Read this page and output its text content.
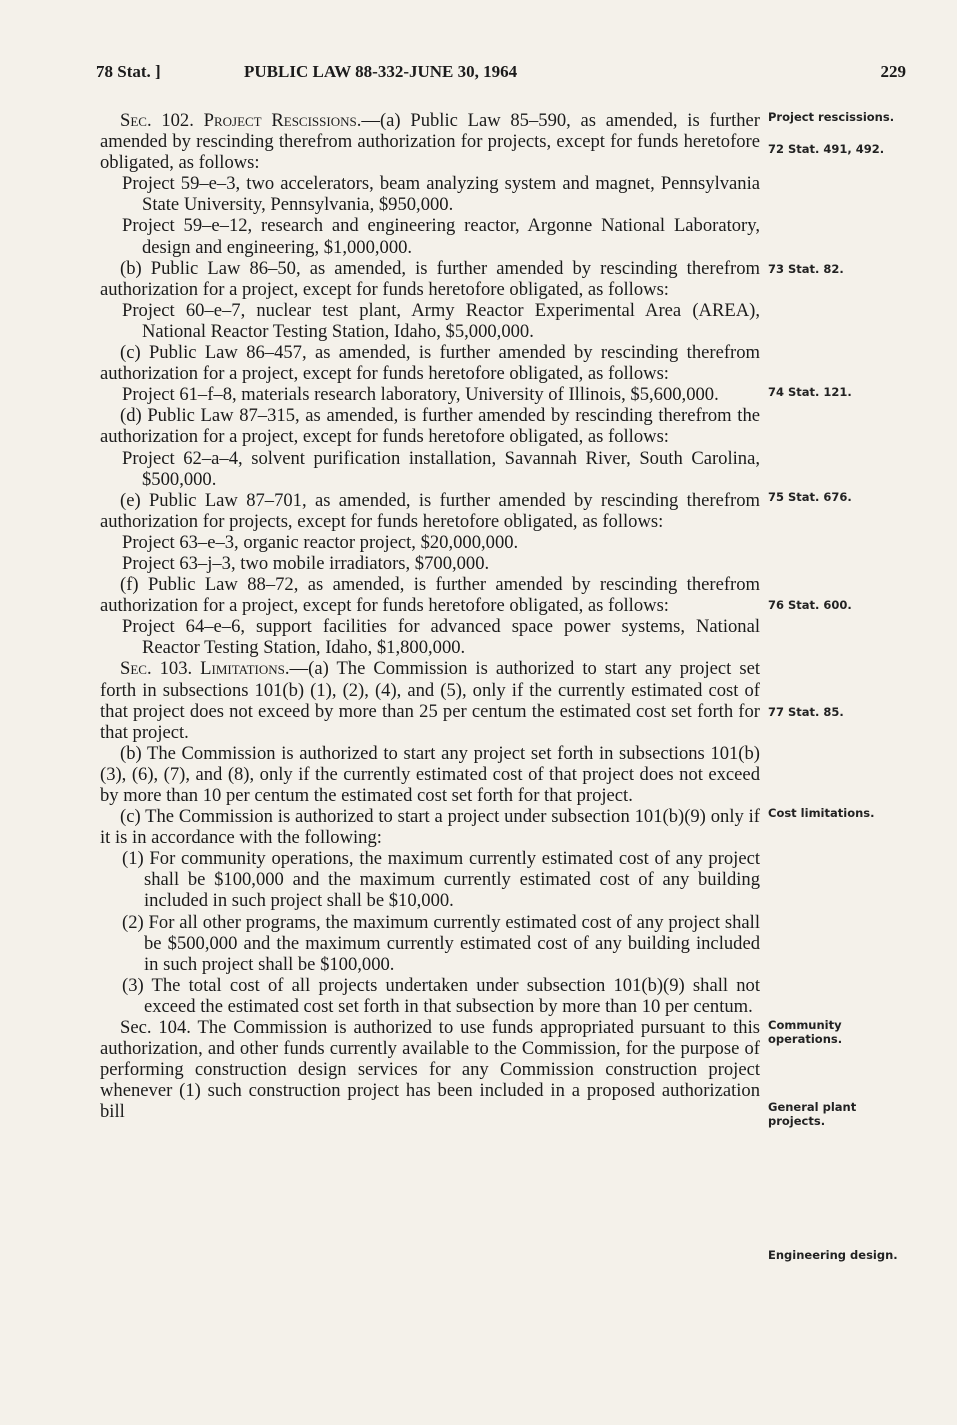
78 Stat. ]	PUBLIC LAW 88-332-JUNE 30, 1964	229

Sec. 102. Project Rescissions.—(a) Public Law 85–590, as amended, is further amended by rescinding therefrom authorization for projects, except for funds heretofore obligated, as follows:

Project 59–e–3, two accelerators, beam analyzing system and magnet, Pennsylvania State University, Pennsylvania, $950,000.

Project 59–e–12, research and engineering reactor, Argonne National Laboratory, design and engineering, $1,000,000.

(b) Public Law 86–50, as amended, is further amended by rescinding therefrom authorization for a project, except for funds heretofore obligated, as follows:

Project 60–e–7, nuclear test plant, Army Reactor Experimental Area (AREA), National Reactor Testing Station, Idaho, $5,000,000.

(c) Public Law 86–457, as amended, is further amended by rescinding therefrom authorization for a project, except for funds heretofore obligated, as follows:

Project 61–f–8, materials research laboratory, University of Illinois, $5,600,000.

(d) Public Law 87–315, as amended, is further amended by rescinding therefrom the authorization for a project, except for funds heretofore obligated, as follows:

Project 62–a–4, solvent purification installation, Savannah River, South Carolina, $500,000.

(e) Public Law 87–701, as amended, is further amended by rescinding therefrom authorization for projects, except for funds heretofore obligated, as follows:

Project 63–e–3, organic reactor project, $20,000,000.

Project 63–j–3, two mobile irradiators, $700,000.

(f) Public Law 88–72, as amended, is further amended by rescinding therefrom authorization for a project, except for funds heretofore obligated, as follows:

Project 64–e–6, support facilities for advanced space power systems, National Reactor Testing Station, Idaho, $1,800,000.

Sec. 103. Limitations.—(a) The Commission is authorized to start any project set forth in subsections 101(b) (1), (2), (4), and (5), only if the currently estimated cost of that project does not exceed by more than 25 per centum the estimated cost set forth for that project.

(b) The Commission is authorized to start any project set forth in subsections 101(b) (3), (6), (7), and (8), only if the currently estimated cost of that project does not exceed by more than 10 per centum the estimated cost set forth for that project.

(c) The Commission is authorized to start a project under subsection 101(b)(9) only if it is in accordance with the following:

(1) For community operations, the maximum currently estimated cost of any project shall be $100,000 and the maximum currently estimated cost of any building included in such project shall be $10,000.

(2) For all other programs, the maximum currently estimated cost of any project shall be $500,000 and the maximum currently estimated cost of any building included in such project shall be $100,000.

(3) The total cost of all projects undertaken under subsection 101(b)(9) shall not exceed the estimated cost set forth in that subsection by more than 10 per centum.

Sec. 104. The Commission is authorized to use funds appropriated pursuant to this authorization, and other funds currently available to the Commission, for the purpose of performing construction design services for any Commission construction project whenever (1) such construction project has been included in a proposed authorization bill

Project rescissions.
72 Stat. 491, 492.
73 Stat. 82.
74 Stat. 121.
75 Stat. 676.
76 Stat. 600.
77 Stat. 85.
Cost limitations.
Community operations.
General plant projects.
Engineering design.
